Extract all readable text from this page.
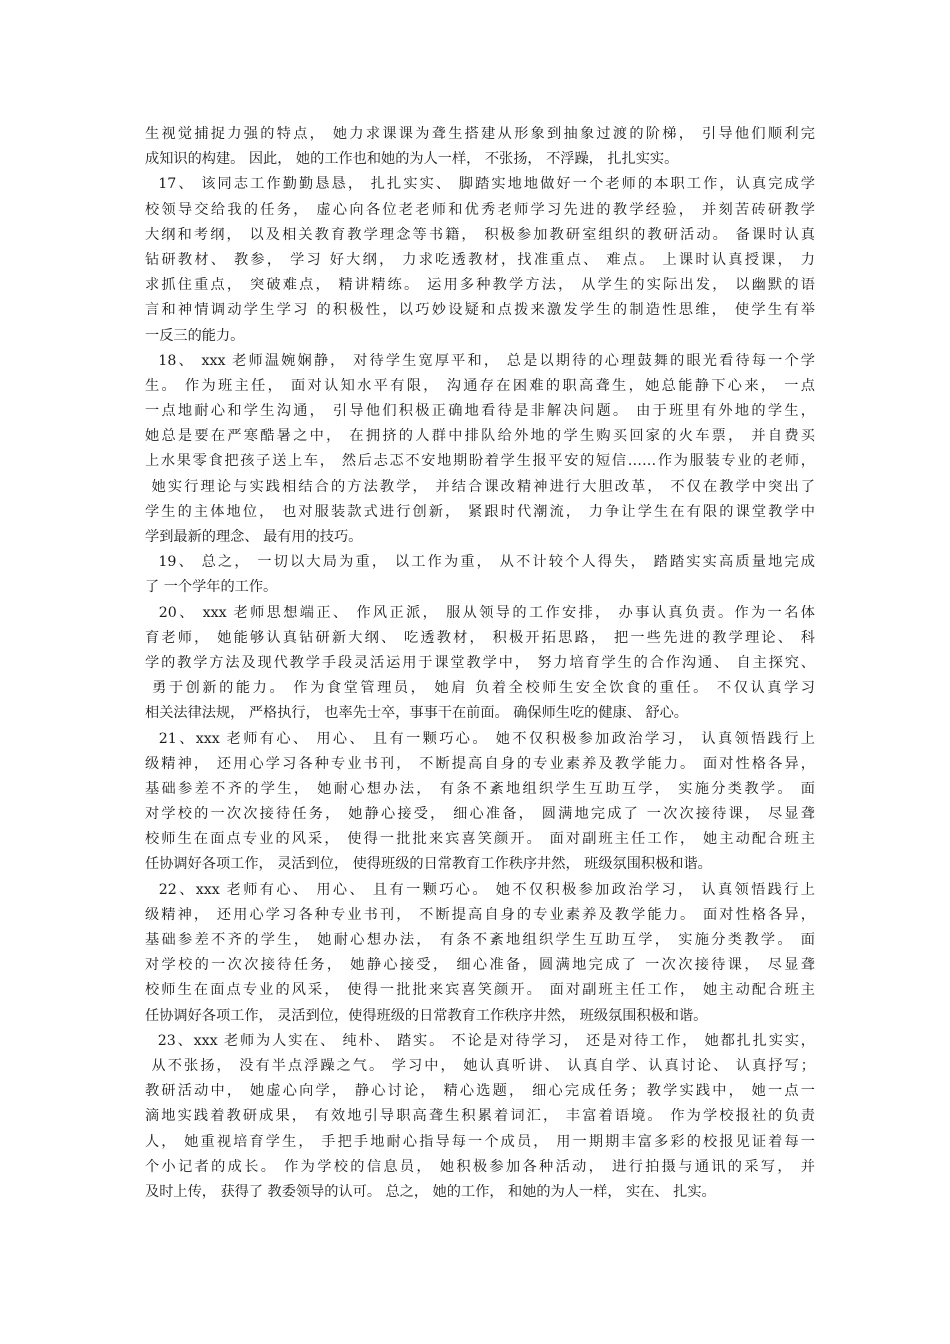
生视觉捕捉力强的特点， 她力求课课为聋生搭建从形象到抽象过渡的阶梯， 引导他们顺利完
成知识的构建。 因此， 她的工作也和她的为人一样， 不张扬， 不浮躁， 扎扎实实。
17、 该同志工作勤勤恳恳， 扎扎实实、 脚踏实地地做好一个老师的本职工作，认真完成学
校领导交给我的任务， 虚心向各位老老师和优秀老师学习先进的教学经验， 并刻苦砖研教学
大纲和考纲， 以及相关教育教学理念等书籍， 积极参加教研室组织的教研活动。 备课时认真
钻研教材、 教参， 学习 好大纲， 力求吃透教材，找准重点、 难点。 上课时认真授课， 力
求抓住重点， 突破难点， 精讲精练。 运用多种教学方法， 从学生的实际出发， 以幽默的语
言和神情调动学生学习 的积极性，以巧妙设疑和点拨来激发学生的制造性思维， 使学生有举
一反三的能力。
18、 xxx 老师温婉娴静， 对待学生宽厚平和， 总是以期待的心理鼓舞的眼光看待每一个学
生。 作为班主任， 面对认知水平有限， 沟通存在困难的职高聋生，她总能静下心来， 一点
一点地耐心和学生沟通， 引导他们积极正确地看待是非解决问题。 由于班里有外地的学生，
她总是要在严寒酷暑之中， 在拥挤的人群中排队给外地的学生购买回家的火车票， 并自费买
上水果零食把孩子送上车， 然后忐忑不安地期盼着学生报平安的短信……作为服装专业的老师，
她实行理论与实践相结合的方法教学， 并结合课改精神进行大胆改革， 不仅在教学中突出了
学生的主体地位， 也对服装款式进行创新， 紧跟时代潮流， 力争让学生在有限的课堂教学中
学到最新的理念、 最有用的技巧。
19、 总之， 一切以大局为重， 以工作为重， 从不计较个人得失， 踏踏实实高质量地完成
了 一个学年的工作。
20、 xxx 老师思想端正、 作风正派， 服从领导的工作安排， 办事认真负责。作为一名体
育老师， 她能够认真钻研新大纲、 吃透教材， 积极开拓思路， 把一些先进的教学理论、 科
学的教学方法及现代教学手段灵活运用于课堂教学中， 努力培育学生的合作沟通、 自主探究、
勇于创新的能力。 作为食堂管理员， 她肩 负着全校师生安全饮食的重任。 不仅认真学习
相关法律法规， 严格执行， 也率先士卒，事事干在前面。 确保师生吃的健康、 舒心。
21、xxx 老师有心、 用心、 且有一颗巧心。 她不仅积极参加政治学习， 认真领悟践行上
级精神， 还用心学习各种专业书刊， 不断提高自身的专业素养及教学能力。 面对性格各异，
基础参差不齐的学生， 她耐心想办法， 有条不紊地组织学生互助互学， 实施分类教学。 面
对学校的一次次接待任务， 她静心接受， 细心准备， 圆满地完成了 一次次接待课， 尽显聋
校师生在面点专业的风采， 使得一批批来宾喜笑颜开。 面对副班主任工作， 她主动配合班主
任协调好各项工作， 灵活到位， 使得班级的日常教育工作秩序井然， 班级氛围积极和谐。
22、xxx 老师有心、 用心、 且有一颗巧心。 她不仅积极参加政治学习， 认真领悟践行上
级精神， 还用心学习各种专业书刊， 不断提高自身的专业素养及教学能力。 面对性格各异，
基础参差不齐的学生， 她耐心想办法， 有条不紊地组织学生互助互学， 实施分类教学。 面
对学校的一次次接待任务， 她静心接受， 细心准备，圆满地完成了 一次次接待课， 尽显聋
校师生在面点专业的风采， 使得一批批来宾喜笑颜开。 面对副班主任工作， 她主动配合班主
任协调好各项工作， 灵活到位，使得班级的日常教育工作秩序井然， 班级氛围积极和谐。
23、xxx 老师为人实在、 纯朴、 踏实。 不论是对待学习， 还是对待工作， 她都扎扎实实，
从不张扬， 没有半点浮躁之气。 学习中， 她认真听讲、 认真自学、认真讨论、 认真抒写；
教研活动中， 她虚心向学， 静心讨论， 精心选题， 细心完成任务；教学实践中， 她一点一
滴地实践着教研成果， 有效地引导职高聋生积累着词汇， 丰富着语境。 作为学校报社的负责
人， 她重视培育学生， 手把手地耐心指导每一个成员， 用一期期丰富多彩的校报见证着每一
个小记者的成长。 作为学校的信息员， 她积极参加各种活动， 进行拍摄与通讯的采写， 并
及时上传， 获得了 教委领导的认可。 总之， 她的工作， 和她的为人一样， 实在、 扎实。
